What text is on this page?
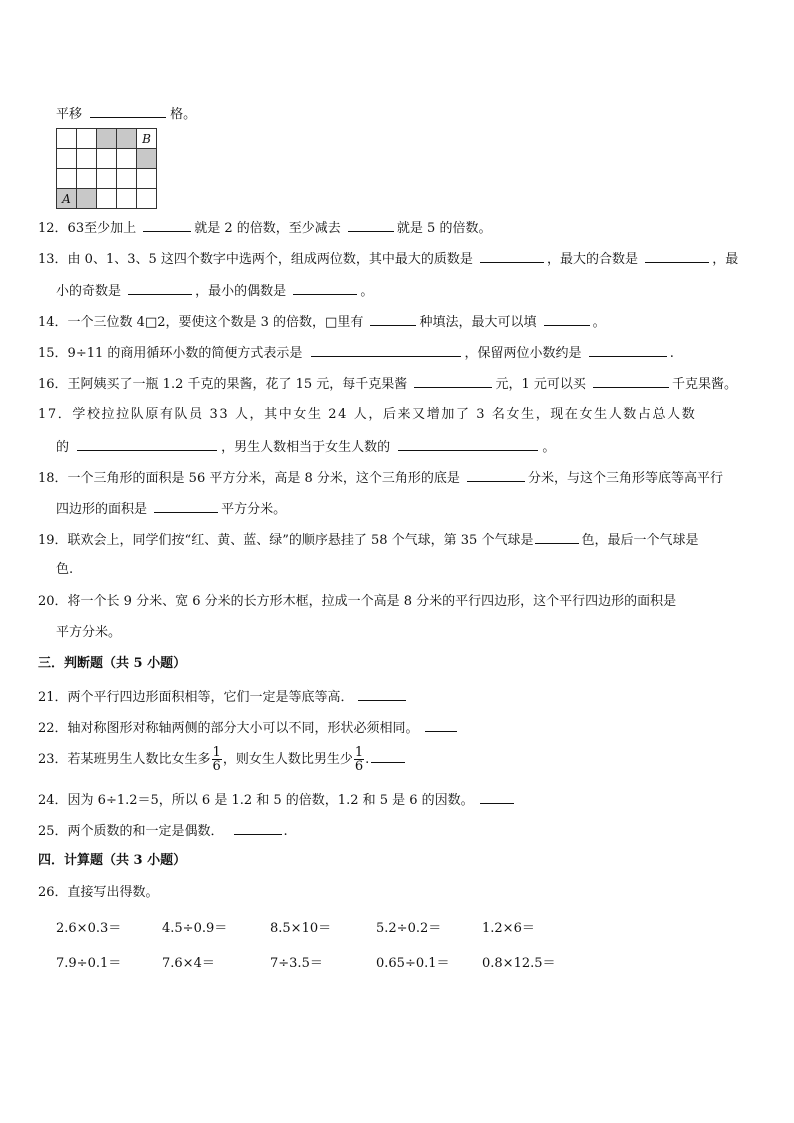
平移	格。
				B

A				
12．63至少加上	就是 2 的倍数，至少减去	就是 5 的倍数。
13．由 0、1、3、5 这四个数字中选两个，组成两位数，其中最大的质数是	，最大的合数是	，最
小的奇数是	，最小的偶数是	。
14．一个三位数 4□2，要使这个数是 3 的倍数，□里有	种填法，最大可以填	。
15．9÷11 的商用循环小数的简便方式表示是	，保留两位小数约是	.
16．王阿姨买了一瓶 1.2 千克的果酱，花了 15 元，每千克果酱	元，1 元可以买	千克果酱。
17．学校拉拉队原有队员 33 人，其中女生 24 人，后来又增加了 3 名女生，现在女生人数占总人数
的	，男生人数相当于女生人数的	。
18．一个三角形的面积是 56 平方分米，高是 8 分米，这个三角形的底是	分米，与这个三角形等底等高平行
四边形的面积是	平方分米。
19．联欢会上，同学们按“红、黄、蓝、绿”的顺序悬挂了 58 个气球，第 35 个气球是	色，最后一个气球是
色.
20．将一个长 9 分米、宽 6 分米的长方形木框，拉成一个高是 8 分米的平行四边形，这个平行四边形的面积是
平方分米。
三．判断题（共 5 小题）
21．两个平行四边形面积相等，它们一定是等底等高．
22．轴对称图形对称轴两侧的部分大小可以不同，形状必须相同。
23．若某班男生人数比女生多 $\frac{1}{6}$ ，则女生人数比男生少 $\frac{1}{6}$ .
24．因为 6÷1.2＝5，所以 6 是 1.2 和 5 的倍数，1.2 和 5 是 6 的因数。
25．两个质数的和一定是偶数．	.
四．计算题（共 3 小题）
26．直接写出得数。
2.6×0.3＝	4.5÷0.9＝	8.5×10＝	5.2÷0.2＝	1.2×6＝
7.9÷0.1＝	7.6×4＝	7÷3.5＝	0.65÷0.1＝ 0.8×12.5＝
